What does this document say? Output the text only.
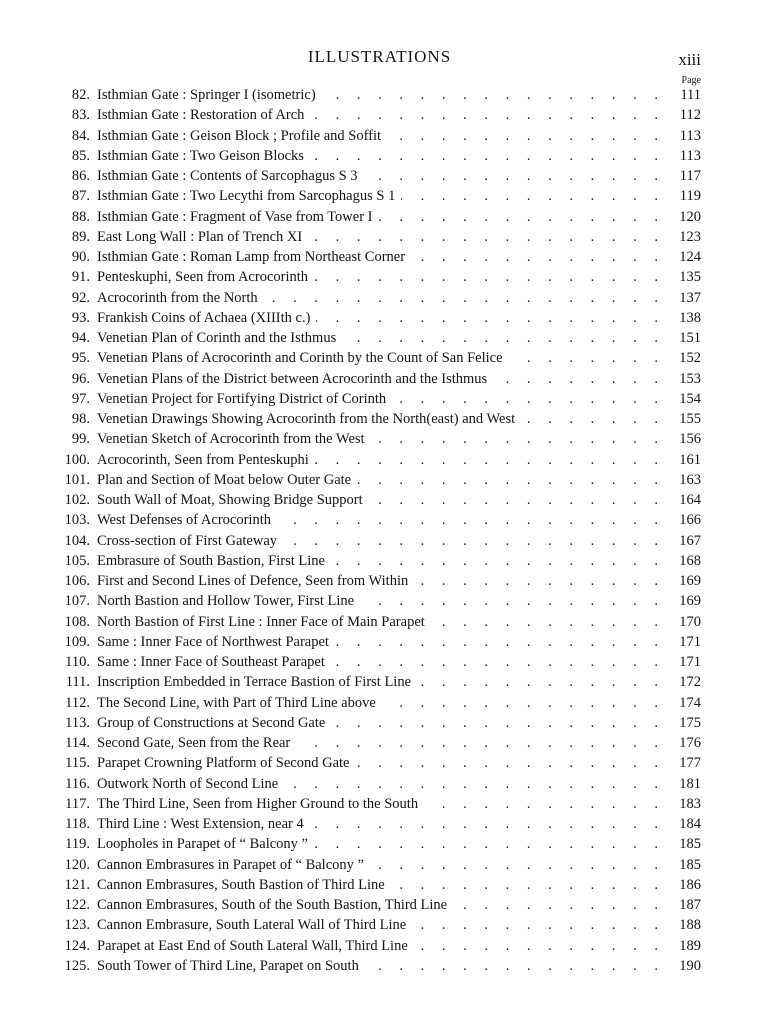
ILLUSTRATIONS	xiii
Page
82. Isthmian Gate : Springer I (isometric) . . .	111
83. Isthmian Gate : Restoration of Arch . . .	112
84. Isthmian Gate : Geison Block ; Profile and Soffit . . .	113
85. Isthmian Gate : Two Geison Blocks . . .	113
86. Isthmian Gate : Contents of Sarcophagus S 3 . . .	117
87. Isthmian Gate : Two Lecythi from Sarcophagus S 1 . . .	119
88. Isthmian Gate : Fragment of Vase from Tower I . . .	120
89. East Long Wall : Plan of Trench XI . . .	123
90. Isthmian Gate : Roman Lamp from Northeast Corner . . .	124
91. Penteskuphi, Seen from Acrocorinth . . .	135
92. Acrocorinth from the North . . .	137
93. Frankish Coins of Achaea (XIIIth c.) . . .	138
94. Venetian Plan of Corinth and the Isthmus . . .	151
95. Venetian Plans of Acrocorinth and Corinth by the Count of San Felice . . .	152
96. Venetian Plans of the District between Acrocorinth and the Isthmus . . .	153
97. Venetian Project for Fortifying District of Corinth . . .	154
98. Venetian Drawings Showing Acrocorinth from the North(east) and West . . .	155
99. Venetian Sketch of Acrocorinth from the West . . .	156
100. Acrocorinth, Seen from Penteskuphi . . .	161
101. Plan and Section of Moat below Outer Gate . . .	163
102. South Wall of Moat, Showing Bridge Support . . .	164
103. West Defenses of Acrocorinth . . .	166
104. Cross-section of First Gateway . . .	167
105. Embrasure of South Bastion, First Line . . .	168
106. First and Second Lines of Defence, Seen from Within . . .	169
107. North Bastion and Hollow Tower, First Line . . .	169
108. North Bastion of First Line : Inner Face of Main Parapet . . .	170
109. Same : Inner Face of Northwest Parapet . . .	171
110. Same : Inner Face of Southeast Parapet . . .	171
111. Inscription Embedded in Terrace Bastion of First Line . . .	172
112. The Second Line, with Part of Third Line above . . .	174
113. Group of Constructions at Second Gate . . .	175
114. Second Gate, Seen from the Rear . . .	176
115. Parapet Crowning Platform of Second Gate . . .	177
116. Outwork North of Second Line . . .	181
117. The Third Line, Seen from Higher Ground to the South . . .	183
118. Third Line : West Extension, near 4 . . .	184
119. Loopholes in Parapet of “ Balcony ” . . .	185
120. Cannon Embrasures in Parapet of “ Balcony ” . . .	185
121. Cannon Embrasures, South Bastion of Third Line . . .	186
122. Cannon Embrasures, South of the South Bastion, Third Line . . .	187
123. Cannon Embrasure, South Lateral Wall of Third Line . . .	188
124. Parapet at East End of South Lateral Wall, Third Line . . .	189
125. South Tower of Third Line, Parapet on South . . .	190
